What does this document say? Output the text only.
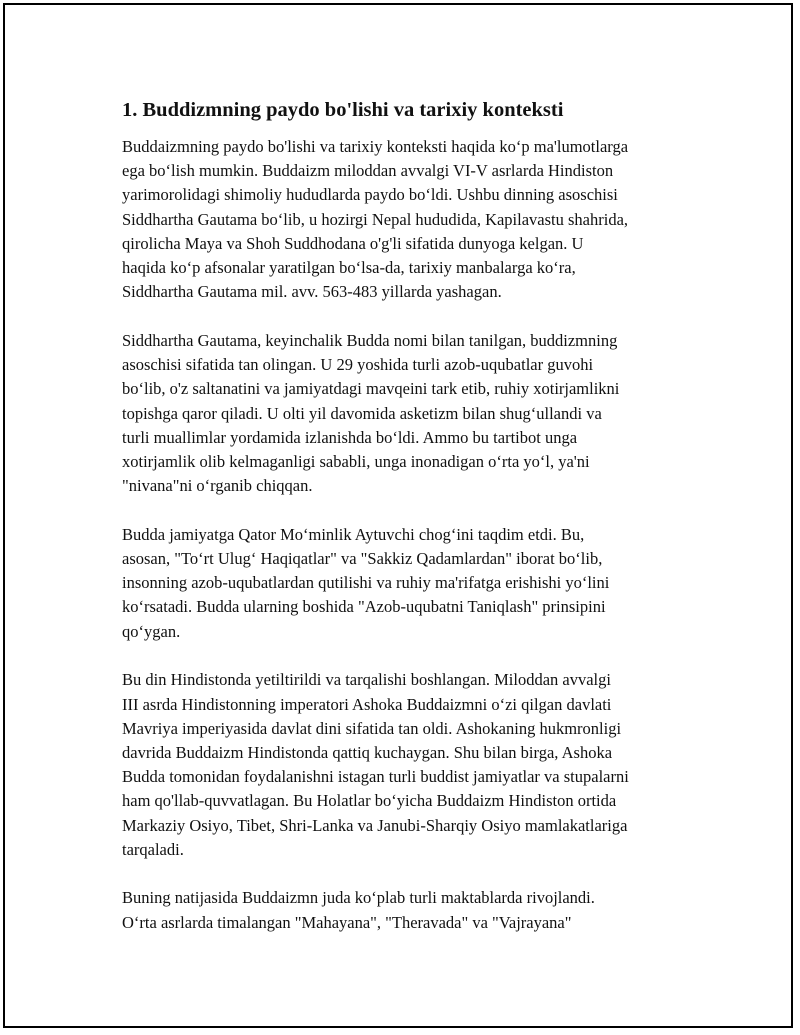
1. Buddizmning paydo bo'lishi va tarixiy konteksti

Buddaizmning paydo bo'lishi va tarixiy konteksti haqida koʻp ma'lumotlarga
ega boʻlish mumkin. Buddaizm miloddan avvalgi VI-V asrlarda Hindiston
yarimorolidagi shimoliy hududlarda paydo boʻldi. Ushbu dinning asoschisi
Siddhartha Gautama boʻlib, u hozirgi Nepal hududida, Kapilavastu shahrida,
qirolicha Maya va Shoh Suddhodana o'g'li sifatida dunyoga kelgan. U
haqida koʻp afsonalar yaratilgan boʻlsa-da, tarixiy manbalarga koʻra,
Siddhartha Gautama mil. avv. 563-483 yillarda yashagan.

Siddhartha Gautama, keyinchalik Budda nomi bilan tanilgan, buddizmning
asoschisi sifatida tan olingan. U 29 yoshida turli azob-uqubatlar guvohi
boʻlib, o'z saltanatini va jamiyatdagi mavqeini tark etib, ruhiy xotirjamlikni
topishga qaror qiladi. U olti yil davomida asketizm bilan shugʻullandi va
turli muallimlar yordamida izlanishda boʻldi. Ammo bu tartibot unga
xotirjamlik olib kelmaganligi sababli, unga inonadigan oʻrta yoʻl, ya'ni
"nivana"ni oʻrganib chiqqan.

Budda jamiyatga Qator Moʻminlik Aytuvchi chogʻini taqdim etdi. Bu,
asosan, "Toʻrt Ulugʻ Haqiqatlar" va "Sakkiz Qadamlardan" iborat boʻlib,
insonning azob-uqubatlardan qutilishi va ruhiy ma'rifatga erishishi yoʻlini
koʻrsatadi. Budda ularning boshida "Azob-uqubatni Taniqlash" prinsipini
qoʻygan.

Bu din Hindistonda yetiltirildi va tarqalishi boshlangan. Miloddan avvalgi
III asrda Hindistonning imperatori Ashoka Buddaizmni oʻzi qilgan davlati
Mavriya imperiyasida davlat dini sifatida tan oldi. Ashokaning hukmronligi
davrida Buddaizm Hindistonda qattiq kuchaygan. Shu bilan birga, Ashoka
Budda tomonidan foydalanishni istagan turli buddist jamiyatlar va stupalarni
ham qo'llab-quvvatlagan. Bu Holatlar boʻyicha Buddaizm Hindiston ortida
Markaziy Osiyo, Tibet, Shri-Lanka va Janubi-Sharqiy Osiyo mamlakatlariga
tarqaladi.

Buning natijasida Buddaizmn juda koʻplab turli maktablarda rivojlandi.
Oʻrta asrlarda timalangan "Mahayana", "Theravada" va "Vajrayana"
